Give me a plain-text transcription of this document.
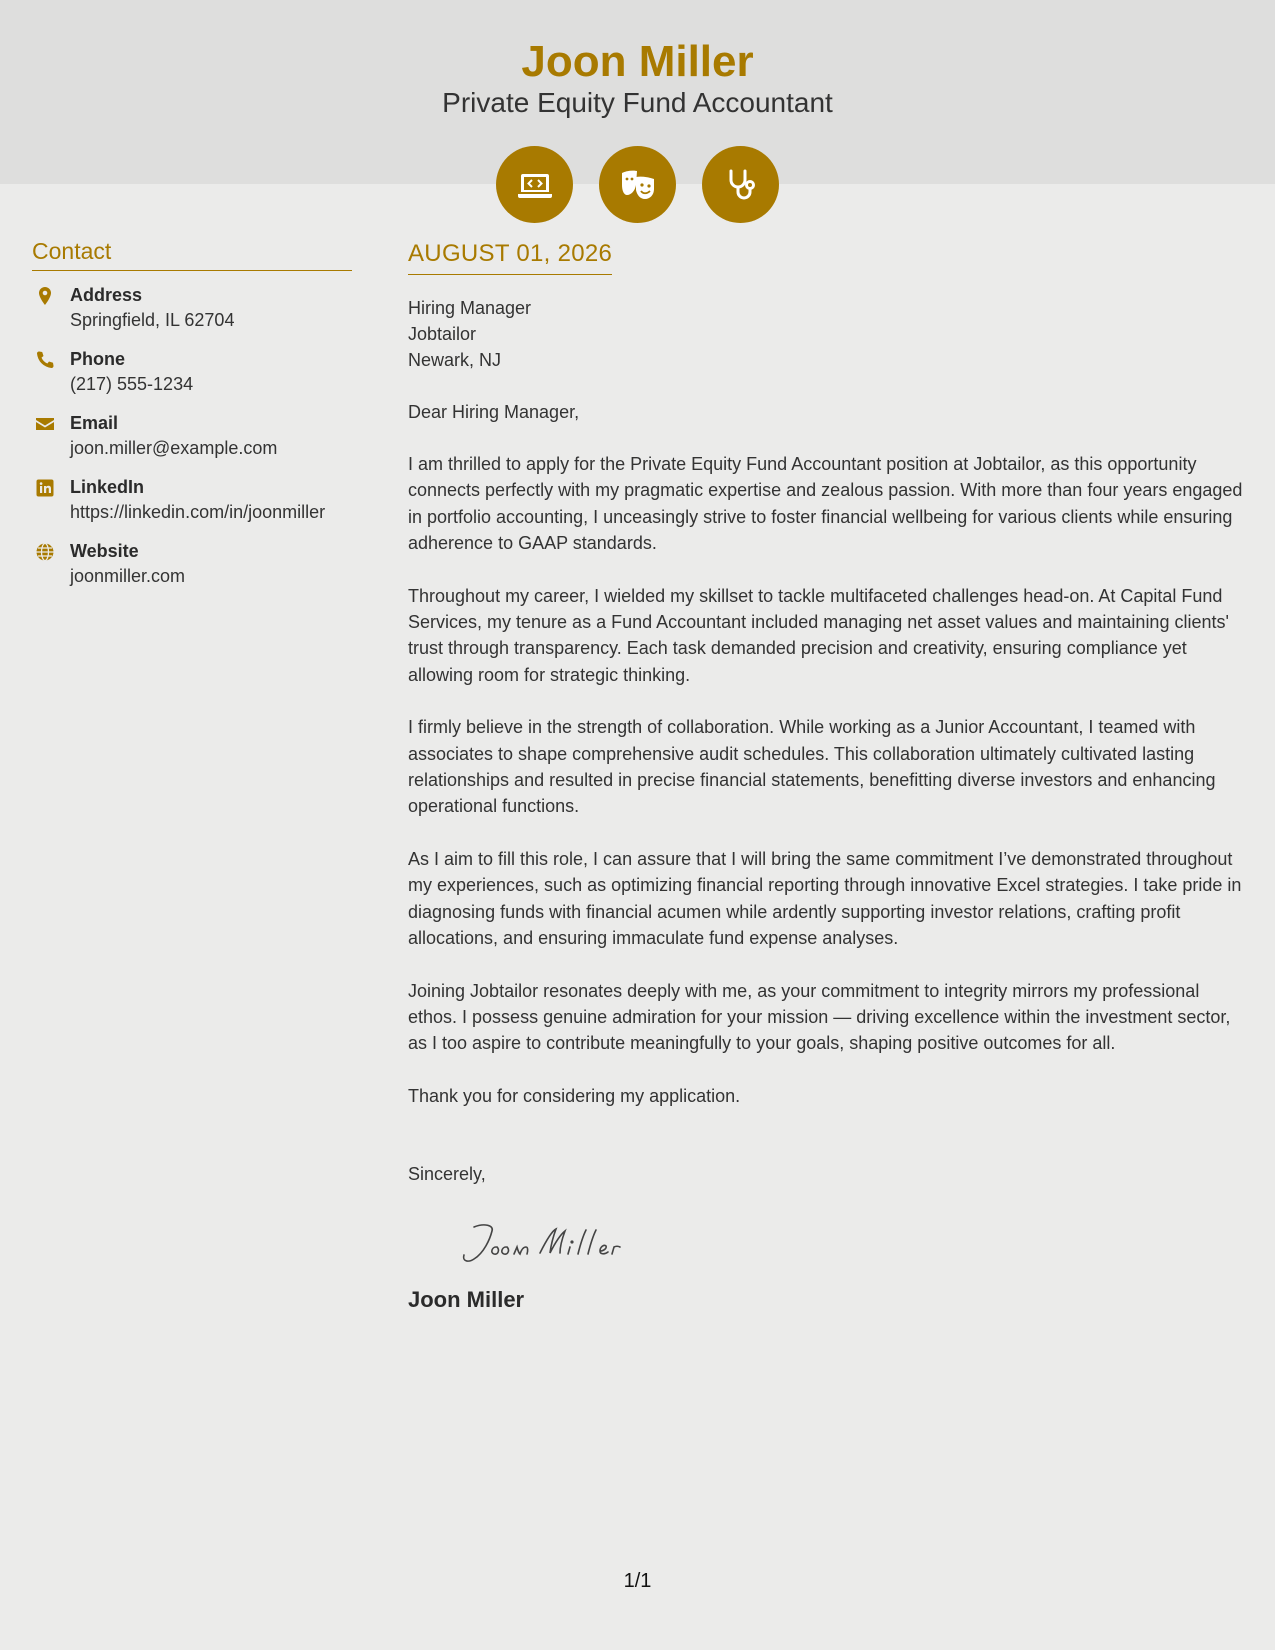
Joon Miller
Private Equity Fund Accountant
Contact
Address
Springfield, IL 62704
Phone
(217) 555-1234
Email
joon.miller@example.com
LinkedIn
https://linkedin.com/in/joonmiller
Website
joonmiller.com
AUGUST 01, 2026
Hiring Manager
Jobtailor
Newark, NJ
Dear Hiring Manager,
I am thrilled to apply for the Private Equity Fund Accountant position at Jobtailor, as this opportunity connects perfectly with my pragmatic expertise and zealous passion. With more than four years engaged in portfolio accounting, I unceasingly strive to foster financial wellbeing for various clients while ensuring adherence to GAAP standards.
Throughout my career, I wielded my skillset to tackle multifaceted challenges head-on. At Capital Fund Services, my tenure as a Fund Accountant included managing net asset values and maintaining clients' trust through transparency. Each task demanded precision and creativity, ensuring compliance yet allowing room for strategic thinking.
I firmly believe in the strength of collaboration. While working as a Junior Accountant, I teamed with associates to shape comprehensive audit schedules. This collaboration ultimately cultivated lasting relationships and resulted in precise financial statements, benefitting diverse investors and enhancing operational functions.
As I aim to fill this role, I can assure that I will bring the same commitment I’ve demonstrated throughout my experiences, such as optimizing financial reporting through innovative Excel strategies. I take pride in diagnosing funds with financial acumen while ardently supporting investor relations, crafting profit allocations, and ensuring immaculate fund expense analyses.
Joining Jobtailor resonates deeply with me, as your commitment to integrity mirrors my professional ethos. I possess genuine admiration for your mission — driving excellence within the investment sector, as I too aspire to contribute meaningfully to your goals, shaping positive outcomes for all.
Thank you for considering my application.
Sincerely,
Joon Miller
1/1
